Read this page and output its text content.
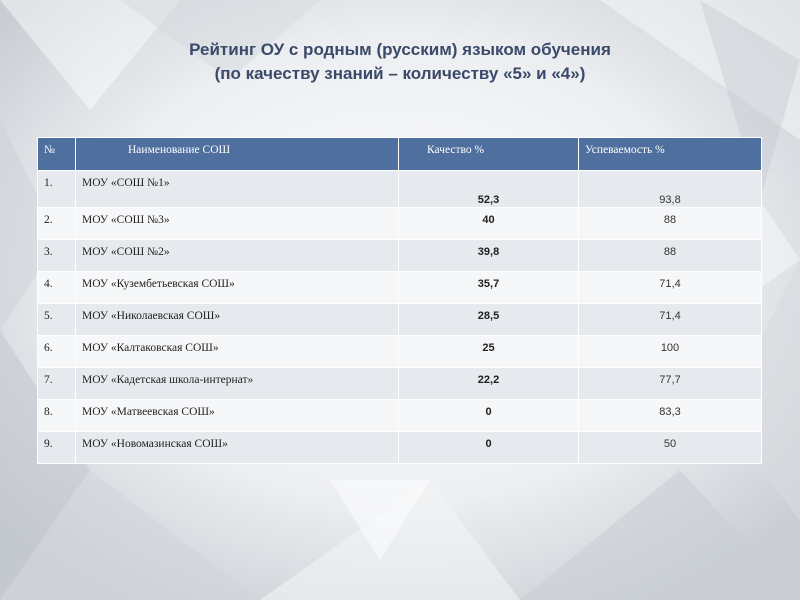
Рейтинг ОУ с родным (русским) языком обучения
(по качеству знаний – количеству «5» и «4»)
№	Наименование СОШ	Качество %	Успеваемость %
1.	МОУ «СОШ №1»	52,3	93,8
2.	МОУ «СОШ №3»	40	88
3.	МОУ «СОШ №2»	39,8	88
4.	МОУ «Кузембетьевская СОШ»	35,7	71,4
5.	МОУ «Николаевская СОШ»	28,5	71,4
6.	МОУ «Калтаковская СОШ»	25	100
7.	МОУ «Кадетская школа-интернат»	22,2	77,7
8.	МОУ «Матвеевская СОШ»	0	83,3
9.	МОУ «Новомазинская СОШ»	0	50
